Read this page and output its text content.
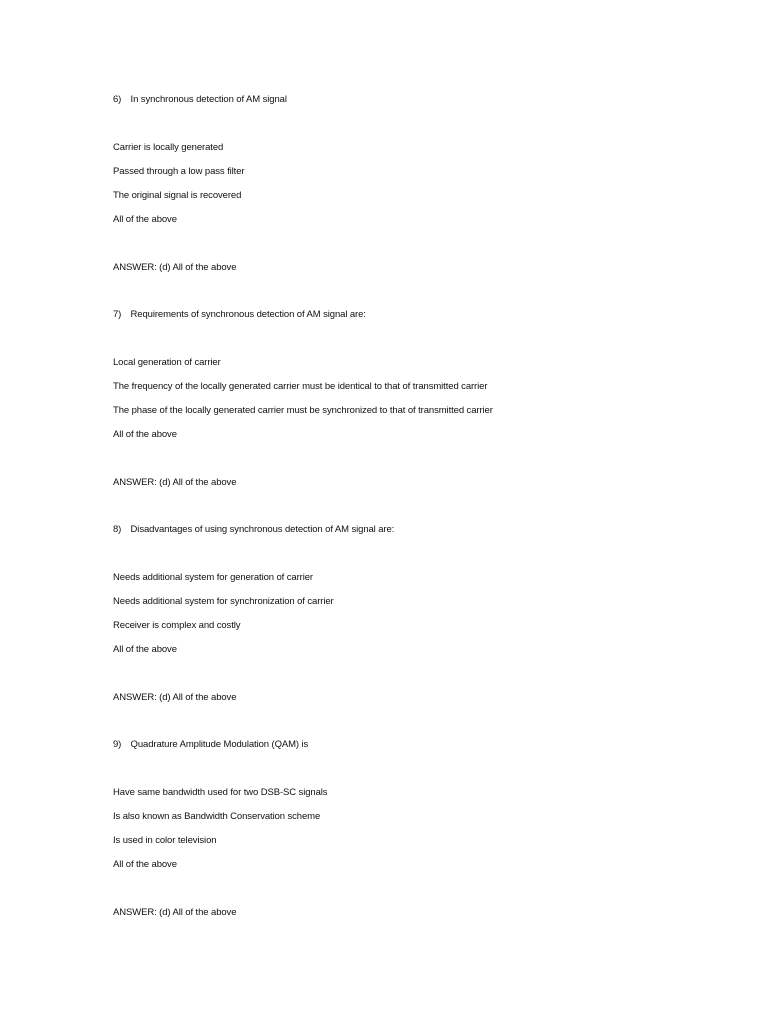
6) In synchronous detection of AM signal
Carrier is locally generated
Passed through a low pass filter
The original signal is recovered
All of the above
ANSWER: (d) All of the above
7) Requirements of synchronous detection of AM signal are:
Local generation of carrier
The frequency of the locally generated carrier must be identical to that of transmitted carrier
The phase of the locally generated carrier must be synchronized to that of transmitted carrier
All of the above
ANSWER: (d) All of the above
8) Disadvantages of using synchronous detection of AM signal are:
Needs additional system for generation of carrier
Needs additional system for synchronization of carrier
Receiver is complex and costly
All of the above
ANSWER: (d) All of the above
9) Quadrature Amplitude Modulation (QAM) is
Have same bandwidth used for two DSB-SC signals
Is also known as Bandwidth Conservation scheme
Is used in color television
All of the above
ANSWER: (d) All of the above
